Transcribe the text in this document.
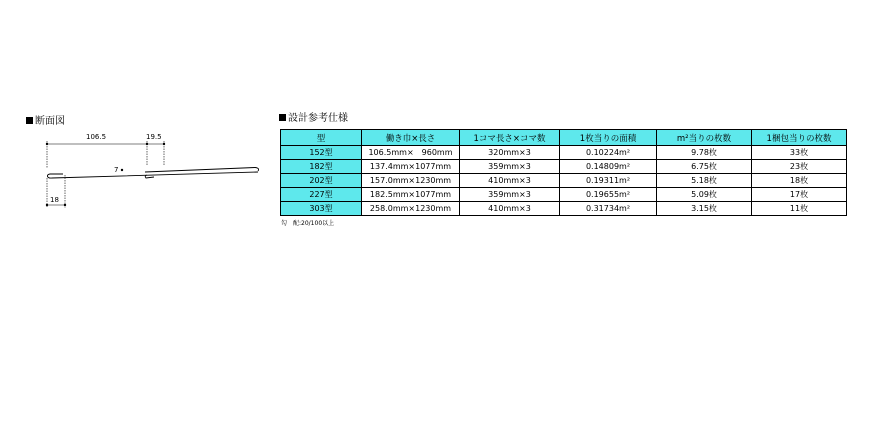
断面図
106.5	19.5
7
18
設計参考仕様
型	働き巾×長さ	1コマ長さ×コマ数	1枚当りの面積	m²当りの枚数	1梱包当りの枚数
152型	106.5mm×　960mm	320mm×3	0.10224m²	9.78枚	33枚
182型	137.4mm×1077mm	359mm×3	0.14809m²	6.75枚	23枚
202型	157.0mm×1230mm	410mm×3	0.19311m²	5.18枚	18枚
227型	182.5mm×1077mm	359mm×3	0.19655m²	5.09枚	17枚
303型	258.0mm×1230mm	410mm×3	0.31734m²	3.15枚	11枚
勾　配:20/100以上
